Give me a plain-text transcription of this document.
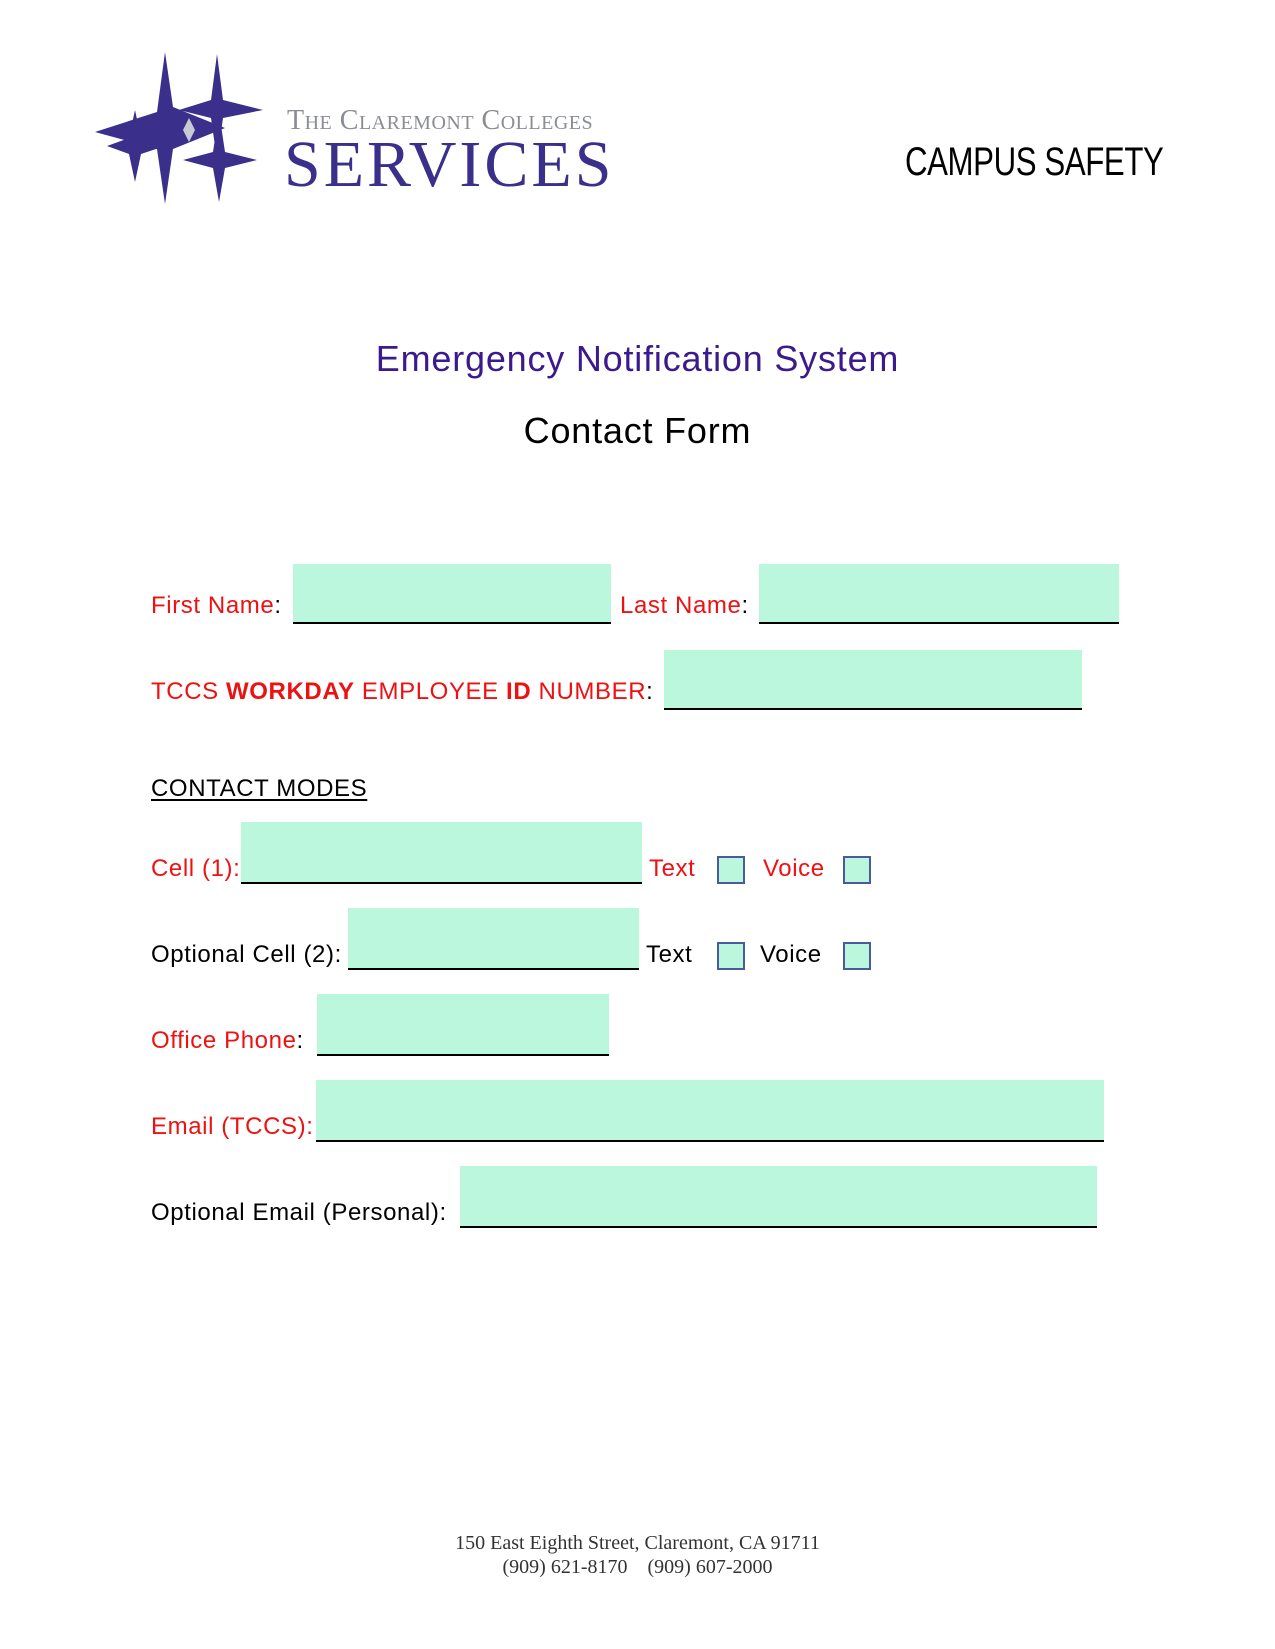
The Claremont Colleges
SERVICES	CAMPUS SAFETY
Emergency Notification System
Contact Form
First Name:	Last Name:
TCCS WORKDAY EMPLOYEE ID NUMBER:
CONTACT MODES
Cell (1):	Text	Voice
Optional Cell (2):	Text	Voice
Office Phone:
Email (TCCS):
Optional Email (Personal):
150 East Eighth Street, Claremont, CA 91711
(909) 621-8170    (909) 607-2000
